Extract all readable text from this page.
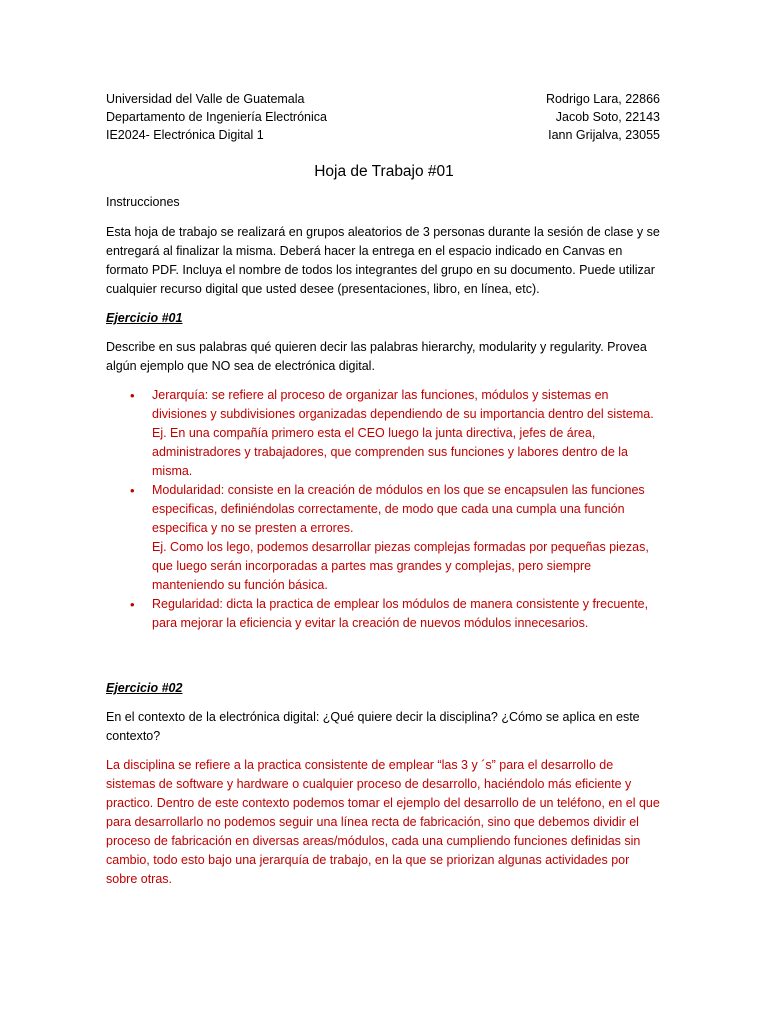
Universidad del Valle de Guatemala
Departamento de Ingeniería Electrónica
IE2024- Electrónica Digital 1
Rodrigo Lara, 22866
Jacob Soto, 22143
Iann Grijalva, 23055
Hoja de Trabajo #01
Instrucciones
Esta hoja de trabajo se realizará en grupos aleatorios de 3 personas durante la sesión de clase y se entregará al finalizar la misma. Deberá hacer la entrega en el espacio indicado en Canvas en formato PDF. Incluya el nombre de todos los integrantes del grupo en su documento. Puede utilizar cualquier recurso digital que usted desee (presentaciones, libro, en línea, etc).
Ejercicio #01
Describe en sus palabras qué quieren decir las palabras hierarchy, modularity y regularity. Provea algún ejemplo que NO sea de electrónica digital.
• Jerarquía: se refiere al proceso de organizar las funciones, módulos y sistemas en divisiones y subdivisiones organizadas dependiendo de su importancia dentro del sistema.
Ej. En una compañía primero esta el CEO luego la junta directiva, jefes de área, administradores y trabajadores, que comprenden sus funciones y labores dentro de la misma.
• Modularidad: consiste en la creación de módulos en los que se encapsulen las funciones especificas, definiéndolas correctamente, de modo que cada una cumpla una función especifica y no se presten a errores.
Ej. Como los lego, podemos desarrollar piezas complejas formadas por pequeñas piezas, que luego serán incorporadas a partes mas grandes y complejas, pero siempre manteniendo su función básica.
• Regularidad: dicta la practica de emplear los módulos de manera consistente y frecuente, para mejorar la eficiencia y evitar la creación de nuevos módulos innecesarios.
Ejercicio #02
En el contexto de la electrónica digital: ¿Qué quiere decir la disciplina? ¿Cómo se aplica en este contexto?
La disciplina se refiere a la practica consistente de emplear “las 3 y ´s” para el desarrollo de sistemas de software y hardware o cualquier proceso de desarrollo, haciéndolo más eficiente y practico. Dentro de este contexto podemos tomar el ejemplo del desarrollo de un teléfono, en el que para desarrollarlo no podemos seguir una línea recta de fabricación, sino que debemos dividir el proceso de fabricación en diversas areas/módulos, cada una cumpliendo funciones definidas sin cambio, todo esto bajo una jerarquía de trabajo, en la que se priorizan algunas actividades por sobre otras.
